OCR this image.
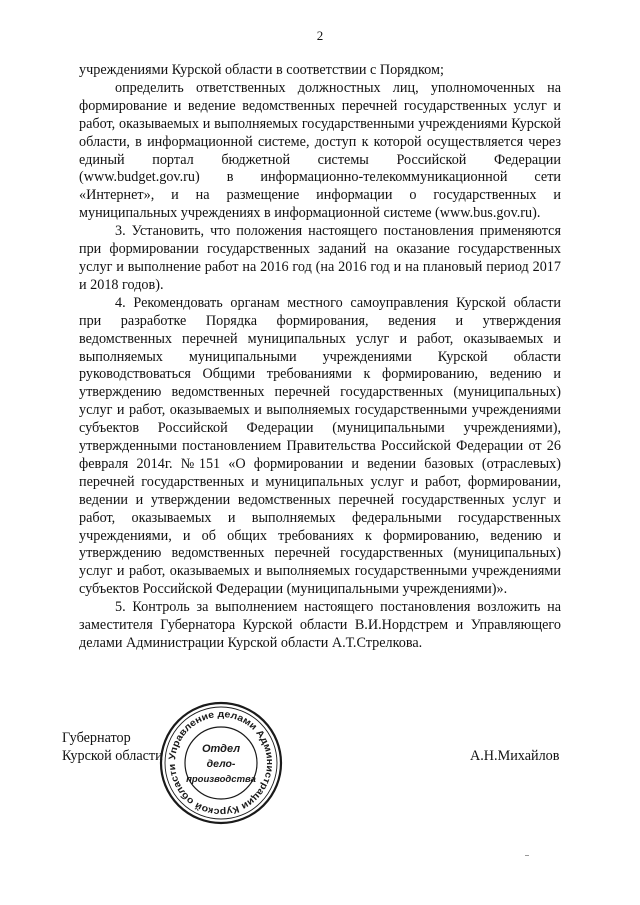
2

учреждениями Курской области в соответствии с Порядком;

определить ответственных должностных лиц, уполномоченных на формирование и ведение ведомственных перечней государственных услуг и работ, оказываемых и выполняемых государственными учреждениями Курской области, в информационной системе, доступ к которой осуществляется через единый портал бюджетной системы Российской Федерации (www.budget.gov.ru) в информационно-телекоммуникационной сети «Интернет», и на размещение информации о государственных и муниципальных учреждениях в информационной системе (www.bus.gov.ru).

3. Установить, что положения настоящего постановления применяются при формировании государственных заданий на оказание государственных услуг и выполнение работ на 2016 год (на 2016 год и на плановый период 2017 и 2018 годов).

4. Рекомендовать органам местного самоуправления Курской области при разработке Порядка формирования, ведения и утверждения ведомственных перечней муниципальных услуг и работ, оказываемых и выполняемых муниципальными учреждениями Курской области руководствоваться Общими требованиями к формированию, ведению и утверждению ведомственных перечней государственных (муниципальных) услуг и работ, оказываемых и выполняемых государственными учреждениями субъектов Российской Федерации (муниципальными учреждениями), утвержденными постановлением Правительства Российской Федерации от 26 февраля 2014г. №151 «О формировании и ведении базовых (отраслевых) перечней государственных и муниципальных услуг и работ, формировании, ведении и утверждении ведомственных перечней государственных услуг и работ, оказываемых и выполняемых федеральными государственных учреждениями, и об общих требованиях к формированию, ведению и утверждению ведомственных перечней государственных (муниципальных) услуг и работ, оказываемых и выполняемых государственными учреждениями субъектов Российской Федерации (муниципальными учреждениями)».

5. Контроль за выполнением настоящего постановления возложить на заместителя Губернатора Курской области В.И.Нордстрем и Управляющего делами Администрации Курской области А.Т.Стрелкова.

Губернатор
Курской области Управление делами Администрации Курской области
Отдел
дело-
производства
А.Н.Михайлов
